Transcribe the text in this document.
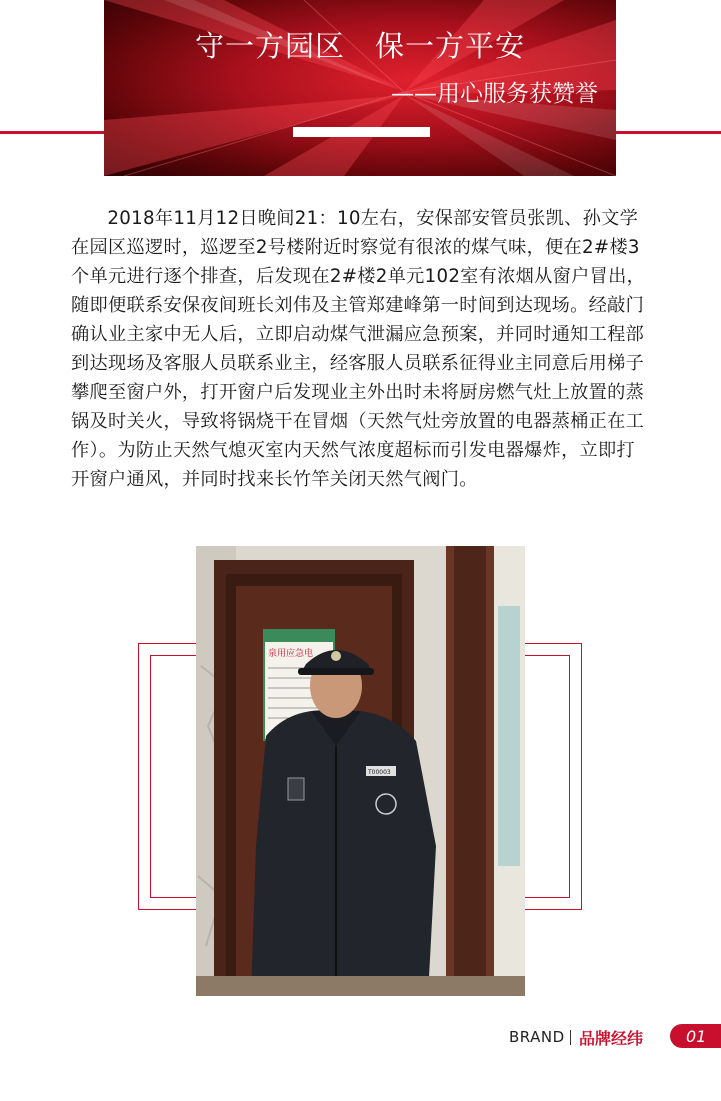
守一方园区　保一方平安
——用心服务获赞誉

2018年11月12日晚间21：10左右，安保部安管员张凯、孙文学在园区巡逻时，巡逻至2号楼附近时察觉有很浓的煤气味，便在2#楼3个单元进行逐个排查，后发现在2#楼2单元102室有浓烟从窗户冒出，随即便联系安保夜间班长刘伟及主管郑建峰第一时间到达现场。经敲门确认业主家中无人后，立即启动煤气泄漏应急预案，并同时通知工程部到达现场及客服人员联系业主，经客服人员联系征得业主同意后用梯子攀爬至窗户外，打开窗户后发现业主外出时未将厨房燃气灶上放置的蒸锅及时关火，导致将锅烧干在冒烟（天然气灶旁放置的电器蒸桶正在工作）。为防止天然气熄灭室内天然气浓度超标而引发电器爆炸，立即打开窗户通风，并同时找来长竹竿关闭天然气阀门。

泉用应急电
T00003
BRAND 品牌经纬	01
